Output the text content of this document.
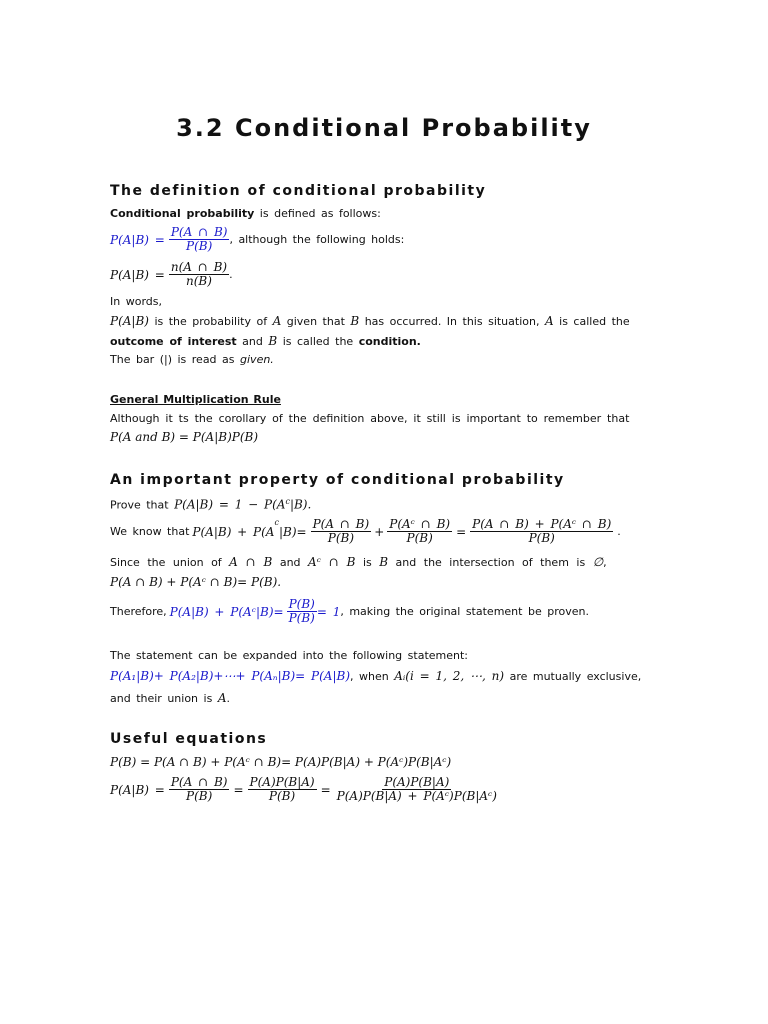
3.2 Conditional Probability
The definition of conditional probability
Conditional probability is defined as follows:
$P(A|B) = \frac{P(A \cap B)}{P(B)}$ , although the following holds:
$P(A|B) = \frac{n(A \cap B)}{n(B)}$ .
In words,
P(A|B) is the probability of A given that B has occurred. In this situation, A is called the
outcome of interest and B is called the condition.
The bar (|) is read as given.
General Multiplication Rule
Although it ts the corollary of the definition above, it still is important to remember that
P(A and B) = P(A|B)P(B)
An important property of conditional probability
Prove that $P(A|B) = 1 - P(A^c|B)$.
We know that P(A|B) + P(A
$^c$
$|B)= \frac{P(A \cap B)}{P(B)} + \frac{\text{P(Aᶜ ∩ B)}}{P(B)} = \frac{\text{P(A ∩ B) + P(Aᶜ ∩ B)}}{P(B)}$ .
Since the union of A ∩ B and Aᶜ ∩ B is B and the intersection of them is ∅,
P(A ∩ B) + P(Aᶜ ∩ B)= P(B).
Therefore, P(A|B) + P(Aᶜ|B)= $\frac{P(B)}{P(B)} = 1$ , making the original statement be proven.
The statement can be expanded into the following statement:
P(A₁|B)+ P(A₂|B)+⋯+ P(Aₙ|B)= P(A|B), when Aᵢ(i = 1, 2, ⋯, n) are mutually exclusive,
and their union is A.
Useful equations
P(B) = P(A ∩ B) + P(Aᶜ ∩ B)= P(A)P(B|A) + P(Aᶜ)P(B|Aᶜ)
$P(A|B) = \frac{P(A \cap B)}{P(B)} = \frac{P(A)P(B|A)}{P(B)} = \frac{P(A)P(B|A)}{\text{P(A)P(B|A) + P(Aᶜ)P(B|Aᶜ)}}$
